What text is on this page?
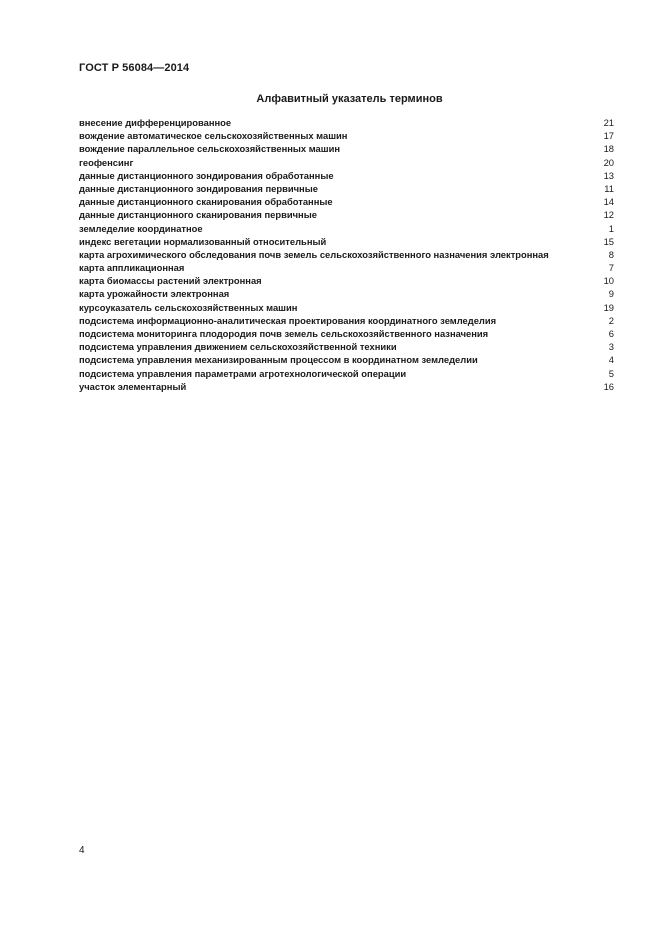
ГОСТ Р 56084—2014
Алфавитный указатель терминов
внесение дифференцированное	21
вождение автоматическое сельскохозяйственных машин	17
вождение параллельное сельскохозяйственных машин	18
геофенсинг	20
данные дистанционного зондирования обработанные	13
данные дистанционного зондирования первичные	11
данные дистанционного сканирования обработанные	14
данные дистанционного сканирования первичные	12
земледелие координатное	1
индекс вегетации нормализованный относительный	15
карта агрохимического обследования почв земель сельскохозяйственного назначения электронная	8
карта аппликационная	7
карта биомассы растений электронная	10
карта урожайности электронная	9
курсоуказатель сельскохозяйственных машин	19
подсистема информационно-аналитическая проектирования координатного земледелия	2
подсистема мониторинга плодородия почв земель сельскохозяйственного назначения	6
подсистема управления движением сельскохозяйственной техники	3
подсистема управления механизированным процессом в координатном земледелии	4
подсистема управления параметрами агротехнологической операции	5
участок элементарный	16
4
